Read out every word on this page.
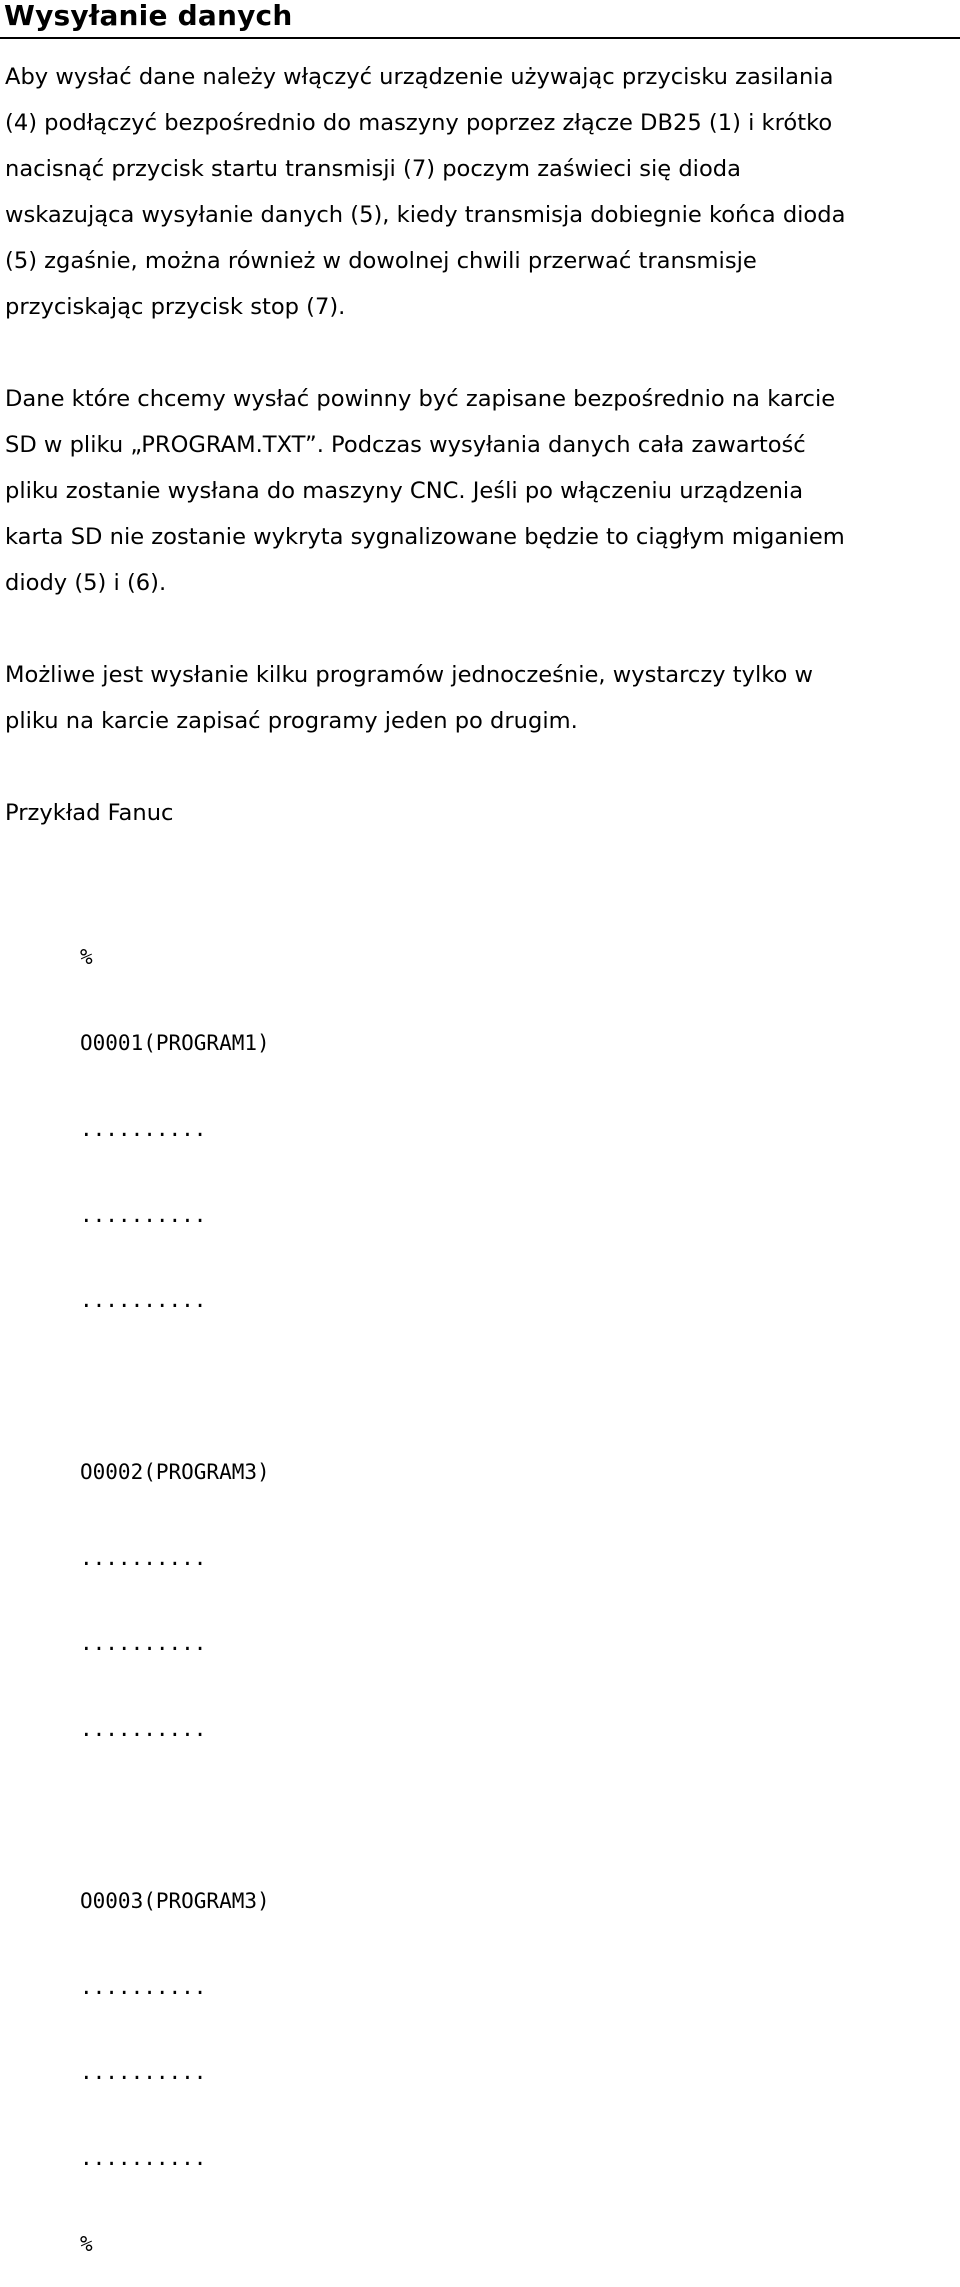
Wysyłanie danych
Aby wysłać dane należy włączyć urządzenie używając przycisku zasilania
(4) podłączyć bezpośrednio do maszyny poprzez złącze DB25 (1) i krótko
nacisnąć przycisk startu transmisji (7) poczym zaświeci się dioda
wskazująca wysyłanie danych (5), kiedy transmisja dobiegnie końca dioda
(5) zgaśnie, można również w dowolnej chwili przerwać transmisje
przyciskając przycisk stop (7).
Dane które chcemy wysłać powinny być zapisane bezpośrednio na karcie
SD w pliku „PROGRAM.TXT”. Podczas wysyłania danych cała zawartość
pliku zostanie wysłana do maszyny CNC. Jeśli po włączeniu urządzenia
karta SD nie zostanie wykryta sygnalizowane będzie to ciągłym miganiem
diody (5) i (6).
Możliwe jest wysłanie kilku programów jednocześnie, wystarczy tylko w
pliku na karcie zapisać programy jeden po drugim.
Przykład Fanuc

%

O0001(PROGRAM1)

..........

..........

..........

O0002(PROGRAM3)

..........

..........

..........

O0003(PROGRAM3)

..........

..........

..........

%
